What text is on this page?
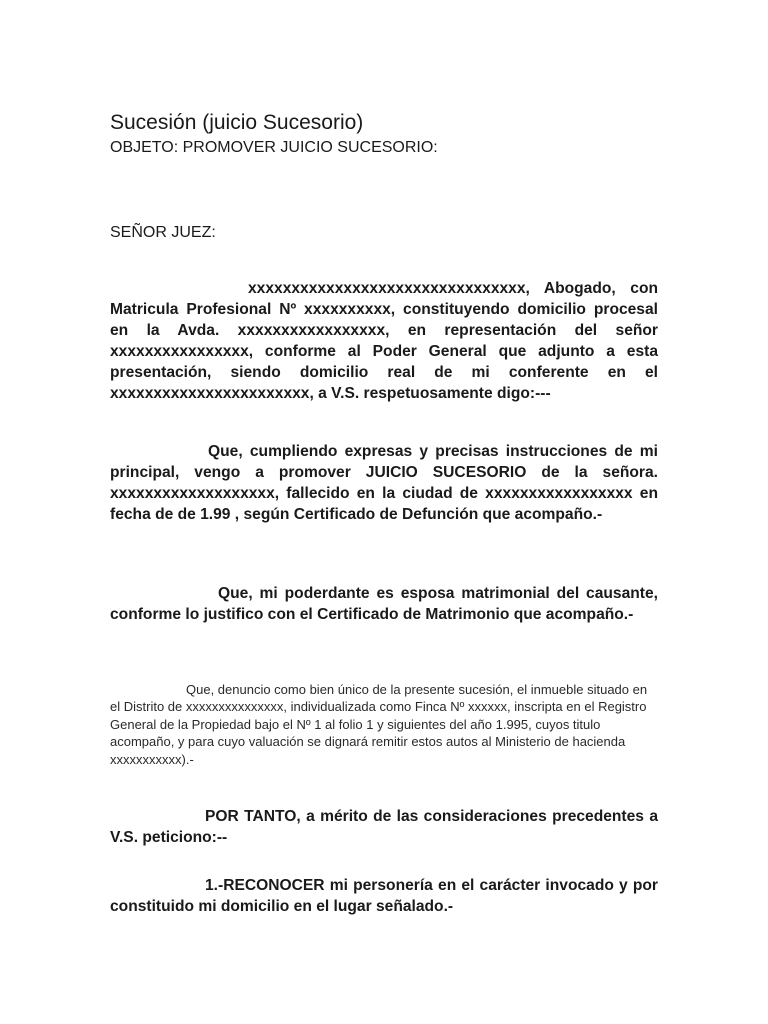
Sucesión (juicio Sucesorio)

OBJETO: PROMOVER JUICIO SUCESORIO:

SEÑOR JUEZ:

xxxxxxxxxxxxxxxxxxxxxxxxxxxxxxxx, Abogado, con Matricula Profesional Nº xxxxxxxxxx, constituyendo domicilio procesal en la Avda. xxxxxxxxxxxxxxxxx, en representación del señor xxxxxxxxxxxxxxxx, conforme al Poder General que adjunto a esta presentación, siendo domicilio real de mi conferente en el xxxxxxxxxxxxxxxxxxxxxxx, a V.S. respetuosamente digo:---

Que, cumpliendo expresas y precisas instrucciones de mi principal, vengo a promover JUICIO SUCESORIO de la señora. xxxxxxxxxxxxxxxxxxx, fallecido en la ciudad de xxxxxxxxxxxxxxxxx en fecha de de 1.99 , según Certificado de Defunción que acompaño.-

Que, mi poderdante es esposa matrimonial del causante, conforme lo justifico con el Certificado de Matrimonio que acompaño.-

Que, denuncio como bien único de la presente sucesión, el inmueble situado en el Distrito de xxxxxxxxxxxxxxx, individualizada como Finca Nº xxxxxx, inscripta en el Registro General de la Propiedad bajo el Nº 1 al folio 1 y siguientes del año 1.995, cuyos titulo acompaño, y para cuyo valuación se dignará remitir estos autos al Ministerio de hacienda xxxxxxxxxxx).-

POR TANTO, a mérito de las consideraciones precedentes a V.S. peticiono:--

1.-RECONOCER mi personería en el carácter invocado y por constituido mi domicilio en el lugar señalado.-
